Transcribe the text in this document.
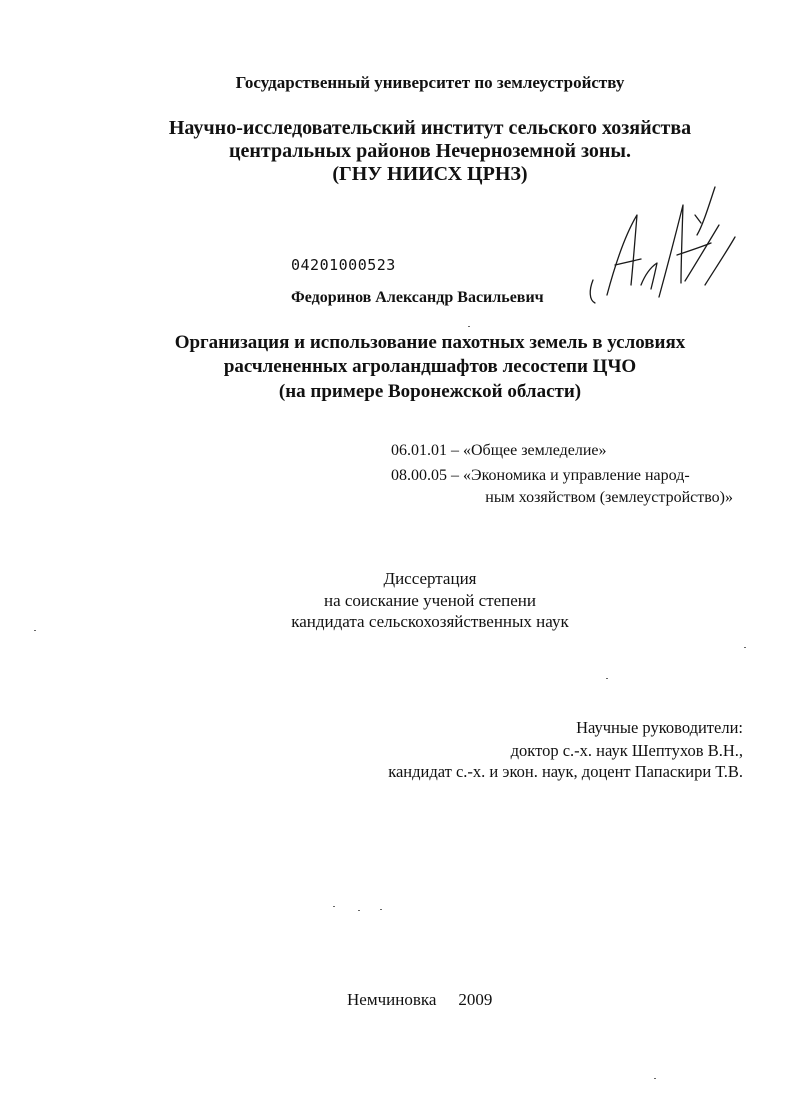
Государственный университет по землеустройству
Научно-исследовательский институт сельского хозяйства
центральных районов Нечерноземной зоны.
(ГНУ НИИСХ ЦРНЗ)
04201000523
Федоринов Александр Васильевич
Организация и использование пахотных земель в условиях
расчлененных агроландшафтов лесостепи ЦЧО
(на примере Воронежской области)
06.01.01 – «Общее земледелие»
08.00.05 – «Экономика и управление народ-
ным хозяйством (землеустройство)»
Диссертация
на соискание ученой степени
кандидата сельскохозяйственных наук
Научные руководители:
доктор с.-х. наук Шептухов В.Н.,
кандидат с.-х. и экон. наук, доцент Папаскири Т.В.
Немчиновка 2009
